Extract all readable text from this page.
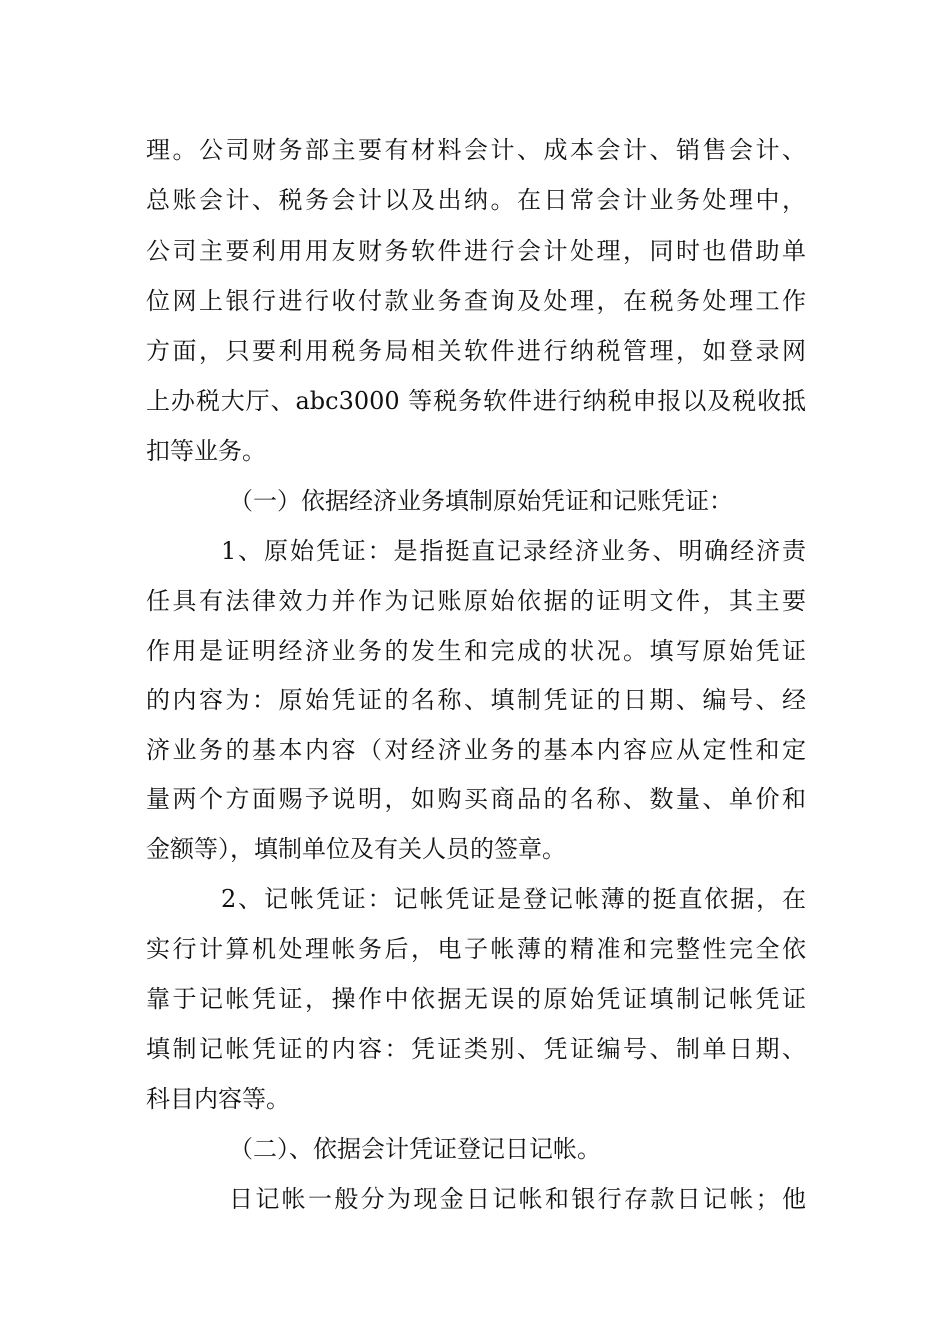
理。公司财务部主要有材料会计、成本会计、销售会计、
总账会计、税务会计以及出纳。在日常会计业务处理中，
公司主要利用用友财务软件进行会计处理，同时也借助单
位网上银行进行收付款业务查询及处理，在税务处理工作
方面，只要利用税务局相关软件进行纳税管理，如登录网
上办税大厅、abc3000 等税务软件进行纳税申报以及税收抵
扣等业务。
（一）依据经济业务填制原始凭证和记账凭证：
1、原始凭证：是指挺直记录经济业务、明确经济责
任具有法律效力并作为记账原始依据的证明文件，其主要
作用是证明经济业务的发生和完成的状况。填写原始凭证
的内容为：原始凭证的名称、填制凭证的日期、编号、经
济业务的基本内容（对经济业务的基本内容应从定性和定
量两个方面赐予说明，如购买商品的名称、数量、单价和
金额等），填制单位及有关人员的签章。
2、记帐凭证：记帐凭证是登记帐薄的挺直依据，在
实行计算机处理帐务后，电子帐薄的精准和完整性完全依
靠于记帐凭证，操作中依据无误的原始凭证填制记帐凭证
填制记帐凭证的内容：凭证类别、凭证编号、制单日期、
科目内容等。
（二）、依据会计凭证登记日记帐。
日记帐一般分为现金日记帐和银行存款日记帐；他
